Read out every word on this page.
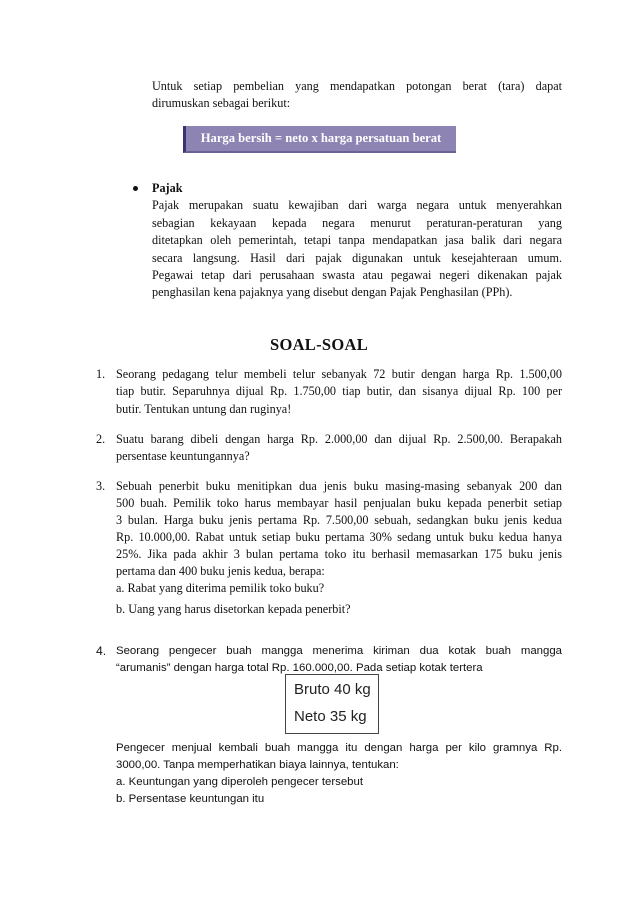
Untuk setiap pembelian yang mendapatkan potongan berat (tara) dapat
dirumuskan sebagai berikut:
Harga bersih = neto x harga persatuan berat
Pajak
Pajak merupakan suatu kewajiban dari warga negara untuk menyerahkan
sebagian kekayaan kepada negara menurut peraturan-peraturan yang
ditetapkan oleh pemerintah, tetapi tanpa mendapatkan jasa balik dari negara
secara langsung. Hasil dari pajak digunakan untuk kesejahteraan umum.
Pegawai tetap dari perusahaan swasta atau pegawai negeri dikenakan pajak
penghasilan kena pajaknya yang disebut dengan Pajak Penghasilan (PPh).
SOAL-SOAL
1. Seorang pedagang telur membeli telur sebanyak 72 butir dengan harga Rp. 1.500,00
tiap butir. Separuhnya dijual Rp. 1.750,00 tiap butir, dan sisanya dijual Rp. 100 per
butir. Tentukan untung dan ruginya!
2. Suatu barang dibeli dengan harga Rp. 2.000,00 dan dijual Rp. 2.500,00. Berapakah
persentase keuntungannya?
3. Sebuah penerbit buku menitipkan dua jenis buku masing-masing sebanyak 200 dan
500 buah. Pemilik toko harus membayar hasil penjualan buku kepada penerbit setiap
3 bulan. Harga buku jenis pertama Rp. 7.500,00 sebuah, sedangkan buku jenis kedua
Rp. 10.000,00. Rabat untuk setiap buku pertama 30% sedang untuk buku kedua hanya
25%. Jika pada akhir 3 bulan pertama toko itu berhasil memasarkan 175 buku jenis
pertama dan 400 buku jenis kedua, berapa:
a. Rabat yang diterima pemilik toko buku?
b. Uang yang harus disetorkan kepada penerbit?
4. Seorang pengecer buah mangga menerima kiriman dua kotak buah mangga
“arumanis” dengan harga total Rp. 160.000,00. Pada setiap kotak tertera
Bruto 40 kg
Neto 35 kg
Pengecer menjual kembali buah mangga itu dengan harga per kilo gramnya Rp.
3000,00. Tanpa memperhatikan biaya lainnya, tentukan:
a. Keuntungan yang diperoleh pengecer tersebut
b. Persentase keuntungan itu
